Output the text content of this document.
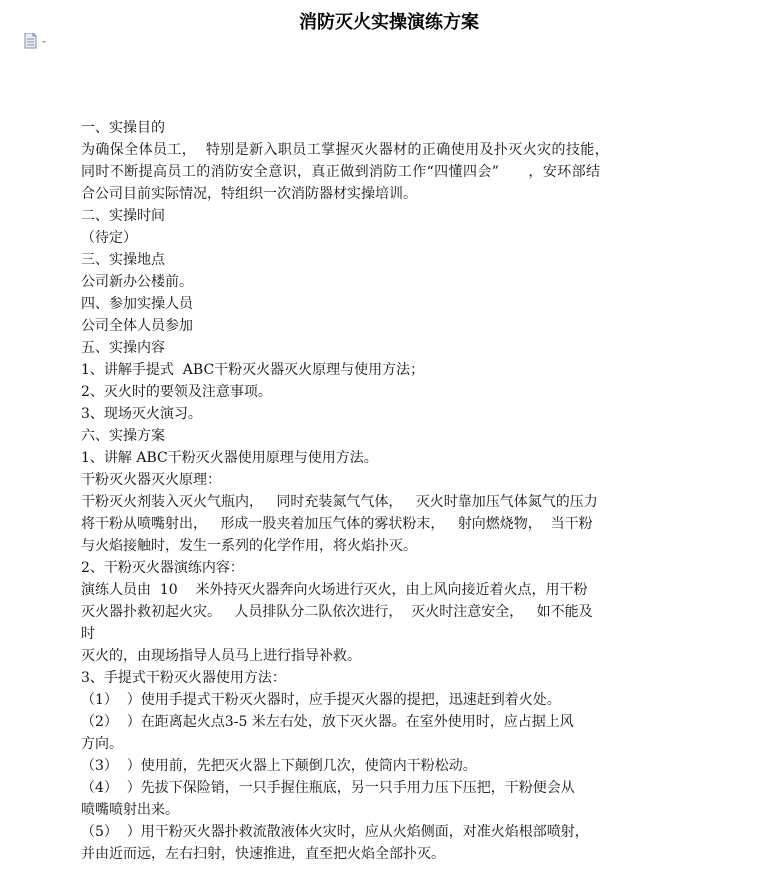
消防灭火实操演练方案
一、实操目的
为确保全体员工，  特别是新入职员工掌握灭火器材的正确使用及扑灭火灾的技能，
同时不断提高员工的消防安全意识，真正做到消防工作“四懂四会”      ，安环部结
合公司目前实际情况，特组织一次消防器材实操培训。
二、实操时间
（待定）
三、实操地点
公司新办公楼前。
四、参加实操人员
公司全体人员参加
五、实操内容
1、讲解手提式  ABC干粉灭火器灭火原理与使用方法；
2、灭火时的要领及注意事项。
3、现场灭火演习。
六、实操方案
1、讲解 ABC干粉灭火器使用原理与使用方法。
干粉灭火器灭火原理：
干粉灭火剂装入灭火气瓶内，   同时充装氮气气体，   灭火时靠加压气体氮气的压力
将干粉从喷嘴射出，   形成一股夹着加压气体的雾状粉末，   射向燃烧物，  当干粉
与火焰接触时，发生一系列的化学作用，将火焰扑灭。
2、干粉灭火器演练内容：
演练人员由  10    米外持灭火器奔向火场进行灭火，由上风向接近着火点，用干粉
灭火器扑救初起火灾。   人员排队分二队依次进行，  灭火时注意安全，   如不能及
时
灭火的，由现场指导人员马上进行指导补救。
3、手提式干粉灭火器使用方法：
（1）  ）使用手提式干粉灭火器时，应手提灭火器的提把，迅速赶到着火处。
（2）  ）在距离起火点3-5 米左右处，放下灭火器。在室外使用时，应占据上风
方向。
（3）  ）使用前，先把灭火器上下颠倒几次，使筒内干粉松动。
（4）  ）先拔下保险销，一只手握住瓶底，另一只手用力压下压把，干粉便会从
喷嘴喷射出来。
（5）  ）用干粉灭火器扑救流散液体火灾时，应从火焰侧面，对准火焰根部喷射，
并由近而远，左右扫射，快速推进，直至把火焰全部扑灭。
